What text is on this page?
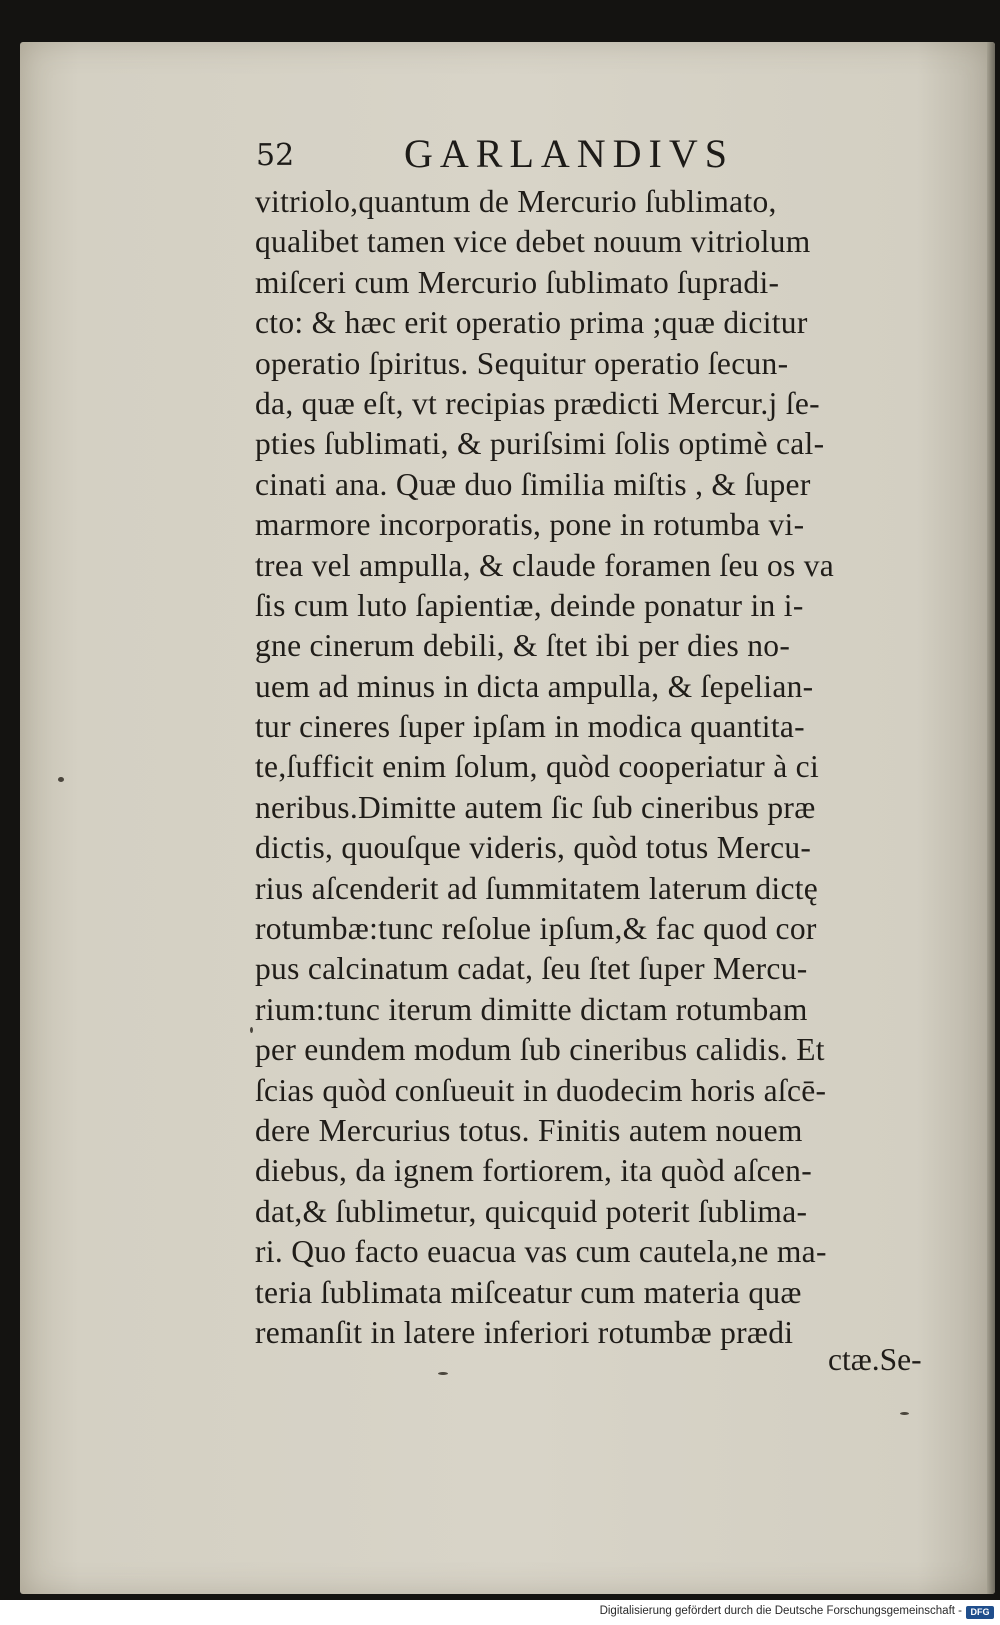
52	GARLANDIVS
vitriolo,quantum de Mercurio ſublimato,
qualibet tamen vice debet nouum vitriolum
miſceri cum Mercurio ſublimato ſupradi-
cto: & hæc erit operatio prima ;quæ dicitur
operatio ſpiritus. Sequitur operatio ſecun-
da, quæ eſt, vt recipias prædicti Mercur.j ſe-
pties ſublimati, & puriſsimi ſolis optimè cal-
cinati ana. Quæ duo ſimilia miſtis , & ſuper
marmore incorporatis, pone in rotumba vi-
trea vel ampulla, & claude foramen ſeu os va
ſis cum luto ſapientiæ, deinde ponatur in i-
gne cinerum debili, & ſtet ibi per dies no-
uem ad minus in dicta ampulla, & ſepelian-
tur cineres ſuper ipſam in modica quantita-
te,ſufficit enim ſolum, quòd cooperiatur à ci
neribus.Dimitte autem ſic ſub cineribus præ
dictis, quouſque videris, quòd totus Mercu-
rius aſcenderit ad ſummitatem laterum dictę
rotumbæ:tunc reſolue ipſum,& fac quod cor
pus calcinatum cadat, ſeu ſtet ſuper Mercu-
rium:tunc iterum dimitte dictam rotumbam
per eundem modum ſub cineribus calidis. Et
ſcias quòd conſueuit in duodecim horis aſcē-
dere Mercurius totus. Finitis autem nouem
diebus, da ignem fortiorem, ita quòd aſcen-
dat,& ſublimetur, quicquid poterit ſublima-
ri. Quo facto euacua vas cum cautela,ne ma-
teria ſublimata miſceatur cum materia quæ
remanſit in latere inferiori rotumbæ prædi
ctæ.Se-
Digitalisierung gefördert durch die Deutsche Forschungsgemeinschaft - DFG
